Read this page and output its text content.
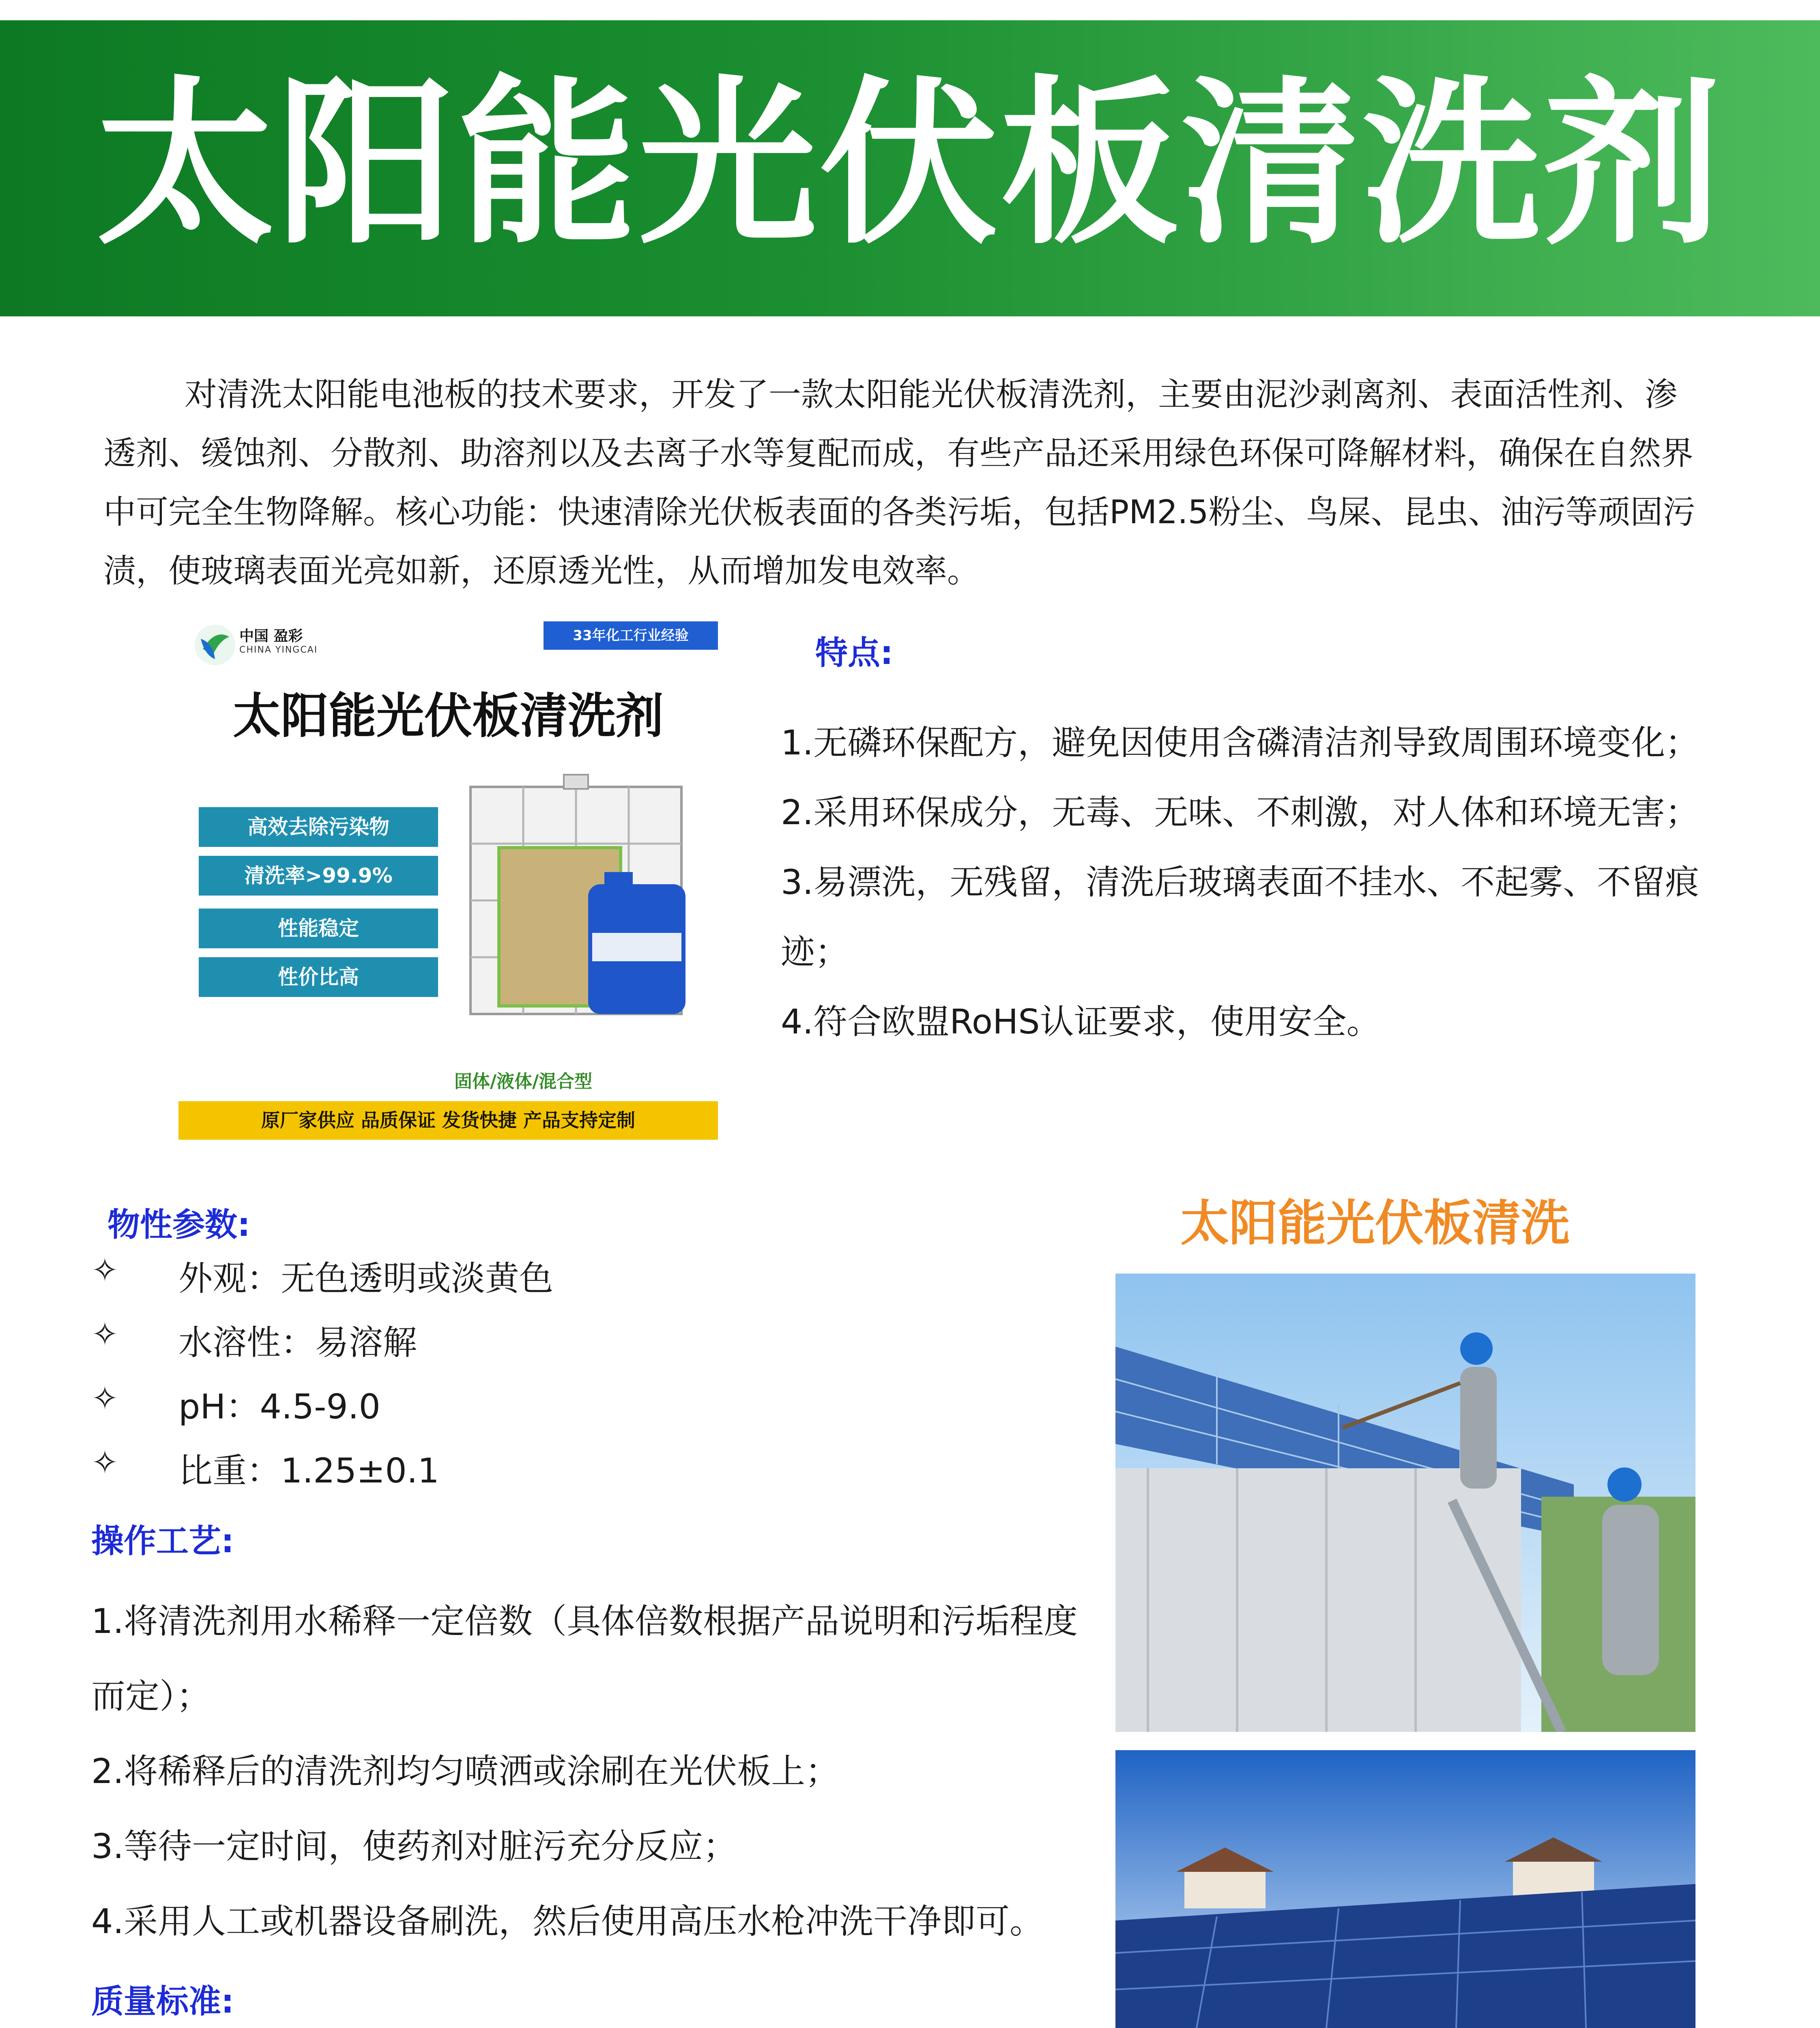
太阳能光伏板清洗剂
对清洗太阳能电池板的技术要求，开发了一款太阳能光伏板清洗剂，主要由泥沙剥离剂、表面活性剂、渗透剂、缓蚀剂、分散剂、助溶剂以及去离子水等复配而成，有些产品还采用绿色环保可降解材料，确保在自然界中可完全生物降解。核心功能：快速清除光伏板表面的各类污垢，包括PM2.5粉尘、鸟屎、昆虫、油污等顽固污渍，使玻璃表面光亮如新，还原透光性，从而增加发电效率。
中国 盈彩
CHINA YINGCAI
33年化工行业经验
太阳能光伏板清洗剂
高效去除污染物
清洗率>99.9%
性能稳定
性价比高
固体/液体/混合型
原厂家供应 品质保证 发货快捷 产品支持定制
特点:
1.无磷环保配方，避免因使用含磷清洁剂导致周围环境变化；
2.采用环保成分，无毒、无味、不刺激，对人体和环境无害；
3.易漂洗，无残留，清洗后玻璃表面不挂水、不起雾、不留痕迹；
4.符合欧盟RoHS认证要求，使用安全。
物性参数:
✧ 外观：无色透明或淡黄色
✧ 水溶性：易溶解
✧ pH：4.5-9.0
✧ 比重：1.25±0.1
操作工艺:
1.将清洗剂用水稀释一定倍数（具体倍数根据产品说明和污垢程度而定）；
2.将稀释后的清洗剂均匀喷洒或涂刷在光伏板上；
3.等待一定时间，使药剂对脏污充分反应；
4.采用人工或机器设备刷洗，然后使用高压水枪冲洗干净即可。
质量标准:
太阳能光伏板清洗
